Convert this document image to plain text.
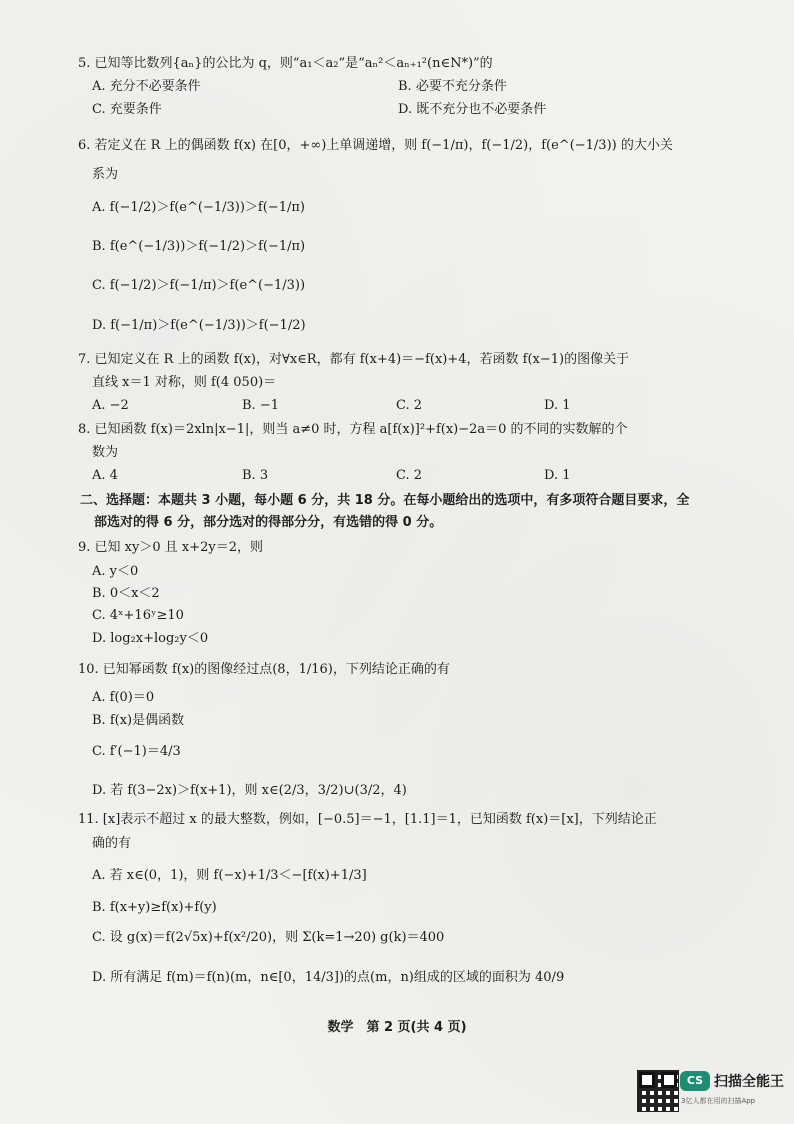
5. 已知等比数列{aₙ}的公比为 q，则“a₁＜a₂”是“aₙ²＜aₙ₊₁²(n∈N*)”的
A. 充分不必要条件	B. 必要不充分条件
C. 充要条件	D. 既不充分也不必要条件
6. 若定义在 R 上的偶函数 f(x) 在[0，+∞)上单调递增，则 f(−1/π)，f(−1/2)，f(e^(−1/3)) 的大小关
系为
A. f(−1/2)＞f(e^(−1/3))＞f(−1/π)
B. f(e^(−1/3))＞f(−1/2)＞f(−1/π)
C. f(−1/2)＞f(−1/π)＞f(e^(−1/3))
D. f(−1/π)＞f(e^(−1/3))＞f(−1/2)
7. 已知定义在 R 上的函数 f(x)，对∀x∈R，都有 f(x+4)＝−f(x)+4，若函数 f(x−1)的图像关于
直线 x＝1 对称，则 f(4 050)＝
A. −2	B. −1	C. 2	D. 1
8. 已知函数 f(x)＝2xln|x−1|，则当 a≠0 时，方程 a[f(x)]²+f(x)−2a＝0 的不同的实数解的个
数为
A. 4	B. 3	C. 2	D. 1
二、选择题：本题共 3 小题，每小题 6 分，共 18 分。在每小题给出的选项中，有多项符合题目要求，全
部选对的得 6 分，部分选对的得部分分，有选错的得 0 分。
9. 已知 xy＞0 且 x+2y＝2，则
A. y＜0
B. 0＜x＜2
C. 4ˣ+16ʸ≥10
D. log₂x+log₂y＜0
10. 已知幂函数 f(x)的图像经过点(8，1/16)，下列结论正确的有
A. f(0)＝0
B. f(x)是偶函数
C. f′(−1)＝4/3
D. 若 f(3−2x)＞f(x+1)，则 x∈(2/3，3/2)∪(3/2，4)
11. [x]表示不超过 x 的最大整数，例如，[−0.5]＝−1，[1.1]＝1，已知函数 f(x)＝[x]，下列结论正
确的有
A. 若 x∈(0，1)，则 f(−x)+1/3＜−[f(x)+1/3]
B. f(x+y)≥f(x)+f(y)
C. 设 g(x)＝f(2√5x)+f(x²/20)，则 Σ(k=1→20) g(k)＝400
D. 所有满足 f(m)＝f(n)(m，n∈[0，14/3])的点(m，n)组成的区域的面积为 40/9
数学　第 2 页(共 4 页)
CS 扫描全能王
3亿人都在用的扫描App
